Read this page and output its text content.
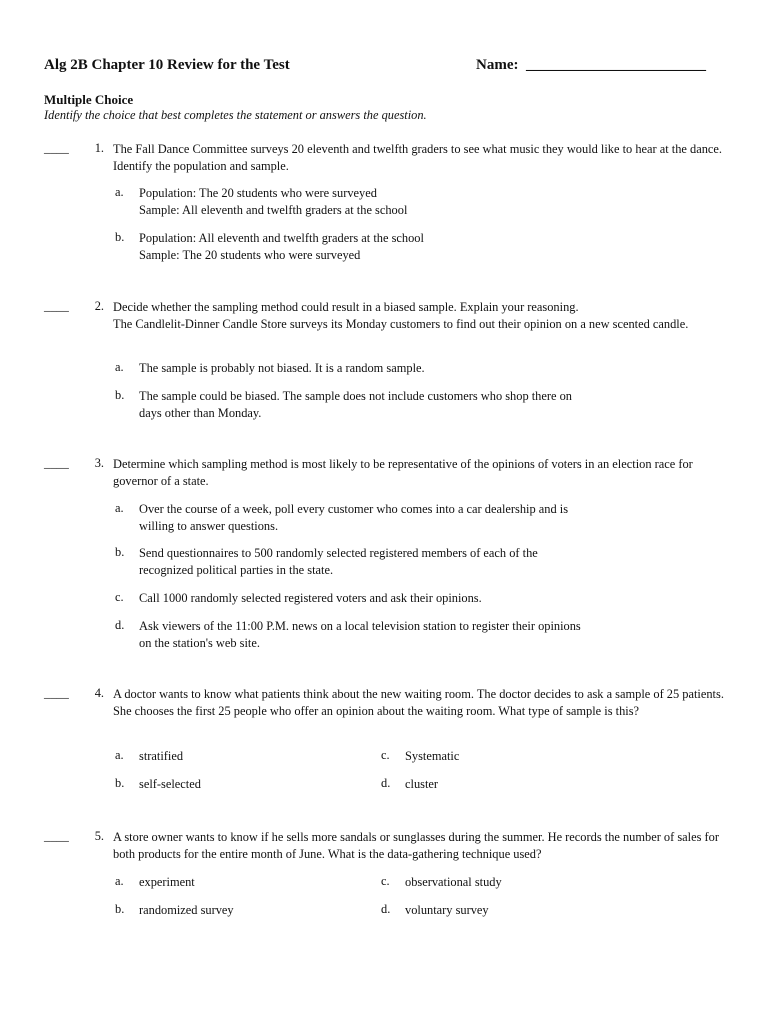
Alg 2B Chapter 10 Review for the Test	Name: ________________________
Multiple Choice
Identify the choice that best completes the statement or answers the question.
____ 1. The Fall Dance Committee surveys 20 eleventh and twelfth graders to see what music they would like to hear at the dance. Identify the population and sample.
a. Population: The 20 students who were surveyed
Sample: All eleventh and twelfth graders at the school
b. Population: All eleventh and twelfth graders at the school
Sample: The 20 students who were surveyed
____ 2. Decide whether the sampling method could result in a biased sample. Explain your reasoning.
The Candlelit-Dinner Candle Store surveys its Monday customers to find out their opinion on a new scented candle.
a. The sample is probably not biased. It is a random sample.
b. The sample could be biased. The sample does not include customers who shop there on
days other than Monday.
____ 3. Determine which sampling method is most likely to be representative of the opinions of voters in an election race for governor of a state.
a. Over the course of a week, poll every customer who comes into a car dealership and is
willing to answer questions.
b. Send questionnaires to 500 randomly selected registered members of each of the
recognized political parties in the state.
c. Call 1000 randomly selected registered voters and ask their opinions.
d. Ask viewers of the 11:00 P.M. news on a local television station to register their opinions
on the station's web site.
____ 4. A doctor wants to know what patients think about the new waiting room. The doctor decides to ask a sample of 25 patients. She chooses the first 25 people who offer an opinion about the waiting room. What type of sample is this?
a. stratified	c. Systematic
b. self-selected	d. cluster
____ 5. A store owner wants to know if he sells more sandals or sunglasses during the summer. He records the number of sales for both products for the entire month of June. What is the data-gathering technique used?
a. experiment	c. observational study
b. randomized survey	d. voluntary survey
